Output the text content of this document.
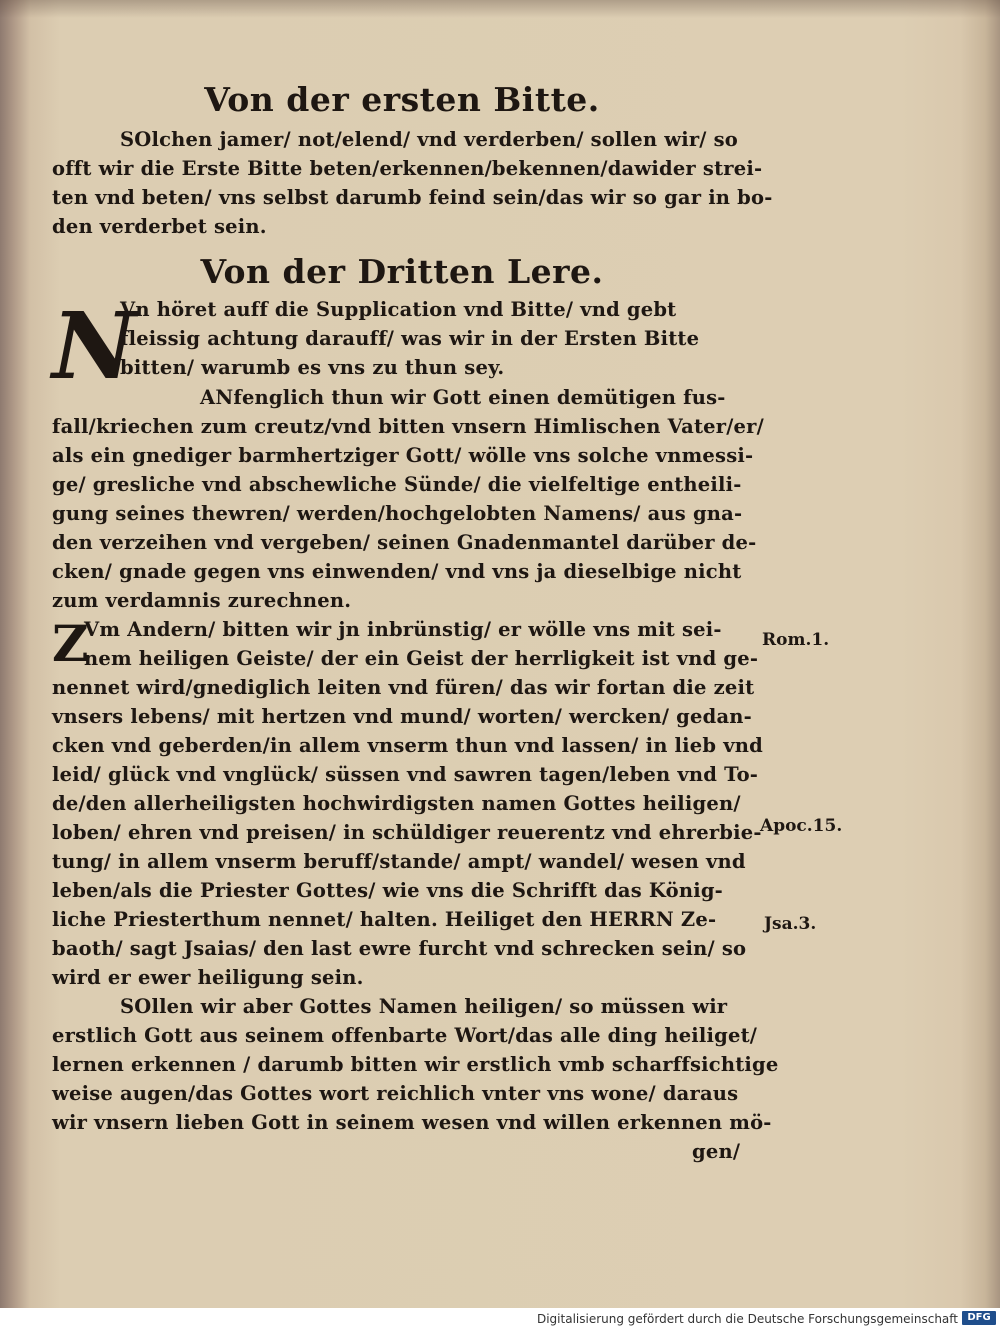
Von der ersten Bitte.
SOlchen jamer/ not/elend/ vnd verderben/ sollen wir/ so
offt wir die Erste Bitte beten/erkennen/bekennen/dawider strei-
ten vnd beten/ vns selbst darumb feind sein/das wir so gar in bo-
den verderbet sein.
Von der Dritten Lere.
N
Vn höret auff die Supplication vnd Bitte/ vnd gebt
fleissig achtung darauff/ was wir in der Ersten Bitte
bitten/ warumb es vns zu thun sey.
ANfenglich thun wir Gott einen demütigen fus-
fall/kriechen zum creutz/vnd bitten vnsern Himlischen Vater/er/
als ein gnediger barmhertziger Gott/ wölle vns solche vnmessi-
ge/ gresliche vnd abschewliche Sünde/ die vielfeltige entheili-
gung seines thewren/ werden/hochgelobten Namens/ aus gna-
den verzeihen vnd vergeben/ seinen Gnadenmantel darüber de-
cken/ gnade gegen vns einwenden/ vnd vns ja dieselbige nicht
zum verdamnis zurechnen.
Z
Vm Andern/ bitten wir jn inbrünstig/ er wölle vns mit sei-
nem heiligen Geiste/ der ein Geist der herrligkeit ist vnd ge-
nennet wird/gnediglich leiten vnd füren/ das wir fortan die zeit
vnsers lebens/ mit hertzen vnd mund/ worten/ wercken/ gedan-
cken vnd geberden/in allem vnserm thun vnd lassen/ in lieb vnd
leid/ glück vnd vnglück/ süssen vnd sawren tagen/leben vnd To-
de/den allerheiligsten hochwirdigsten namen Gottes heiligen/
loben/ ehren vnd preisen/ in schüldiger reuerentz vnd ehrerbie-
tung/ in allem vnserm beruff/stande/ ampt/ wandel/ wesen vnd
leben/als die Priester Gottes/ wie vns die Schrifft das König-
liche Priesterthum nennet/ halten. Heiliget den HERRN Ze-
baoth/ sagt Jsaias/ den last ewre furcht vnd schrecken sein/ so
wird er ewer heiligung sein.
SOllen wir aber Gottes Namen heiligen/ so müssen wir
erstlich Gott aus seinem offenbarte Wort/das alle ding heiliget/
lernen erkennen / darumb bitten wir erstlich vmb scharffsichtige
weise augen/das Gottes wort reichlich vnter vns wone/ daraus
wir vnsern lieben Gott in seinem wesen vnd willen erkennen mö-
gen/
Rom.1.
Apoc.15.
Jsa.3.
Digitalisierung gefördert durch die Deutsche Forschungsgemeinschaft DFG
